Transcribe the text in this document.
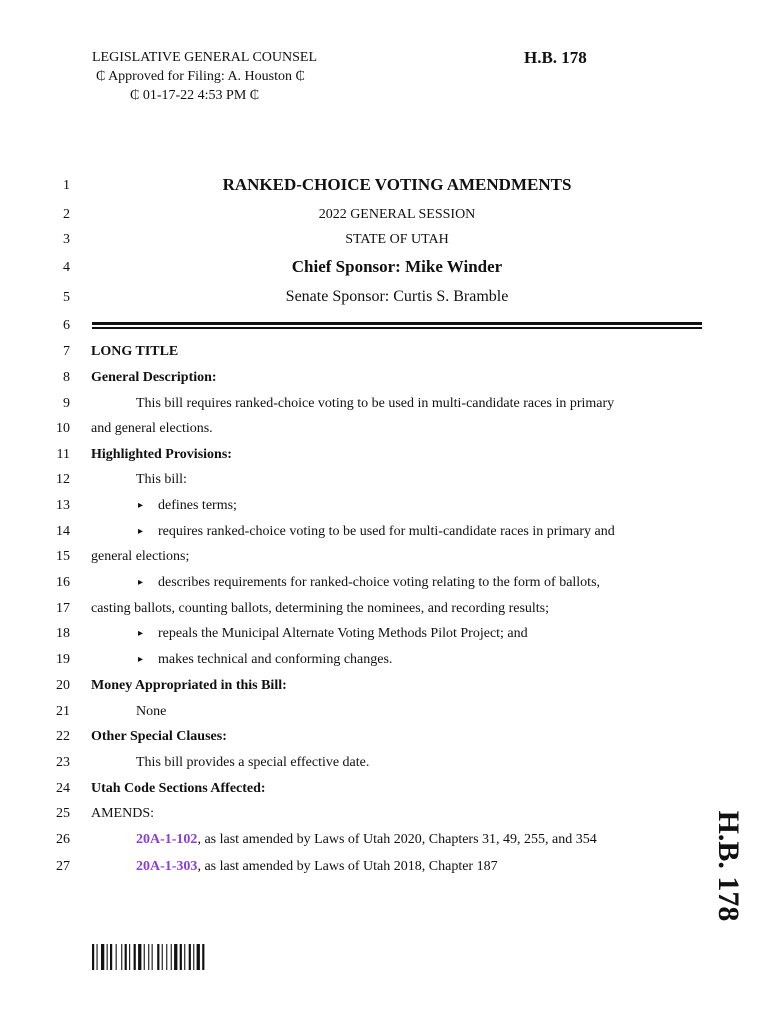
LEGISLATIVE GENERAL COUNSEL
₵ Approved for Filing: A. Houston ₵
₵ 01-17-22 4:53 PM ₵
H.B. 178
1
2
3
4
5
6
7
8
9
10
11
12
13
14
15
16
17
18
19
20
21
22
23
24
25
26
27
RANKED-CHOICE VOTING AMENDMENTS
2022 GENERAL SESSION
STATE OF UTAH
Chief Sponsor: Mike Winder
Senate Sponsor: Curtis S. Bramble
LONG TITLE
General Description:
This bill requires ranked-choice voting to be used in multi-candidate races in primary
and general elections.
Highlighted Provisions:
This bill:
▸ defines terms;
▸ requires ranked-choice voting to be used for multi-candidate races in primary and
general elections;
▸ describes requirements for ranked-choice voting relating to the form of ballots,
casting ballots, counting ballots, determining the nominees, and recording results;
▸ repeals the Municipal Alternate Voting Methods Pilot Project; and
▸ makes technical and conforming changes.
Money Appropriated in this Bill:
None
Other Special Clauses:
This bill provides a special effective date.
Utah Code Sections Affected:
AMENDS:
20A-1-102, as last amended by Laws of Utah 2020, Chapters 31, 49, 255, and 354
20A-1-303, as last amended by Laws of Utah 2018, Chapter 187	H.B. 178
